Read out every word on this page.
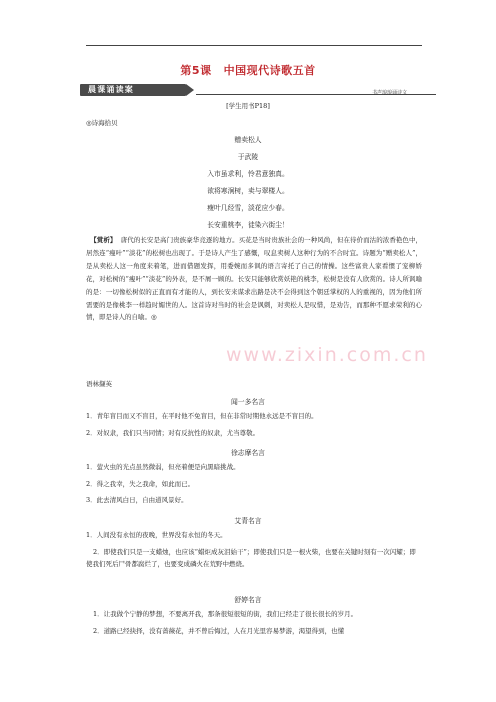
第5课 中国现代诗歌五首
晨课诵读案	书声琅琅诵诗文
[学生用书P18]
◎诗海拾贝
赠卖松人
于武陵
入市虽求利，怜君意独真。
欲将寒涧树，卖与翠楼人。
瘦叶几经雪，淡花应少春。
长安重桃李，徒染六街尘！

【赏析】 唐代的长安是高门贵族豪华竞逐的地方。买花是当时贵族社会的一种风尚，但在待价而沽的浓香艳色中，居然连“瘦叶”“淡花”的松树也出现了。于是诗人产生了感慨，叹息卖树人这种行为的不合时宜。诗题为“赠卖松人”，是从卖松人这一角度来着笔，进而借题发挥，用委婉而多讽的语言寄托了自己的情操。这些富贵人家看惯了宠柳娇花，对松树的“瘦叶”“淡花”的外表，是不屑一顾的。长安只能够欣赏妖艳的桃李，松树是没有人欣赏的。诗人所讽喻的是：一切像松树似的正直而有才能的人，到长安来谋求出路是决不会得到这个朝廷掌权的人的重视的，因为他们所需要的是像桃李一样趋时媚世的人。这首诗对当时的社会是讽刺，对卖松人是叹惜，是劝告，而那种不愿求荣利的心情，即是诗人的自喻。◎

语林撷英
www.zixin.com.cn
闻一多名言

1．青年盲目而又不盲目，在平时他不免盲目，但在非常时期他永远是不盲目的。

2．对奴隶，我们只当同情；对有反抗性的奴隶，尤当尊敬。

徐志摩名言

1．萤火虫的光点虽然微弱，但亮着便是向黑暗挑战。

2．得之我幸，失之我命，如此而已。

3．此去清风白日，自由道风景好。

艾青名言

1．人间没有永恒的夜晚，世界没有永恒的冬天。

2．即使我们只是一支蜡烛，也应该“蜡炬成灰泪始干”；即使我们只是一根火柴，也要在关键时刻有一次闪耀；即使我们死后尸骨都腐烂了，也要变成磷火在荒野中燃烧。

舒婷名言

1．让我做个宁静的梦想，不要离开我，那条很短很短的街，我们已经走了很长很长的岁月。

2．道路已经抉择，没有蔷薇花，并不曾后悔过，人在月光里容易梦游，渴望得到，也懂
